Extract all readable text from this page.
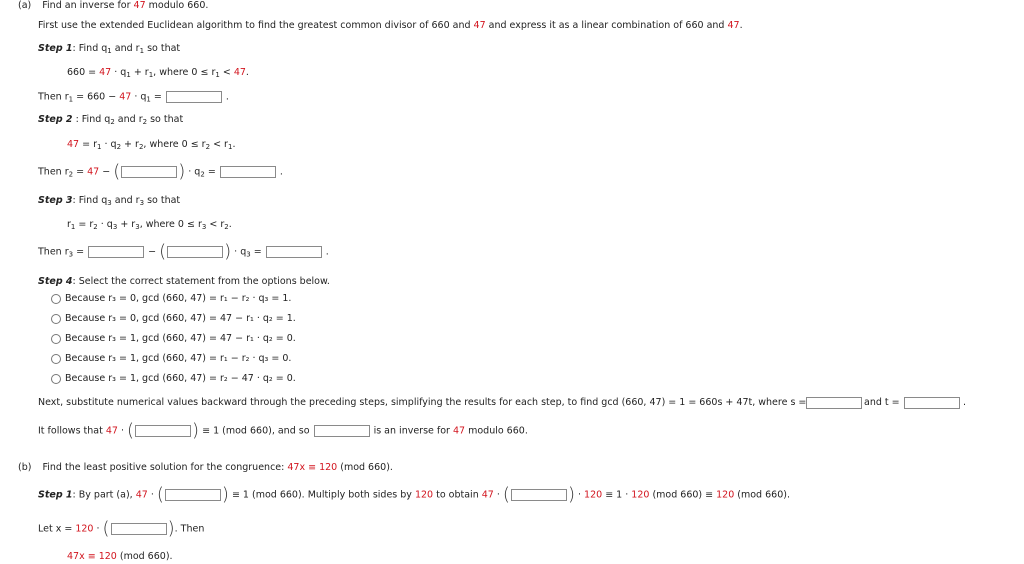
(a) Find an inverse for 47 modulo 660.
First use the extended Euclidean algorithm to find the greatest common divisor of 660 and 47 and express it as a linear combination of 660 and 47.
Step 1: Find $q_1$ and $r_1$ so that
$660 = 47 \cdot q_1 + r_1$, where $0 \le r_1 < 47$.
Then $r_1 = 660 - 47 \cdot q_1$ =	.
Step 2 : Find $q_2$ and $r_2$ so that
$47 = r_1 \cdot q_2 + r_2$, where $0 \le r_2 < r_1$.
Then $r_2 = 47$ − (	) · $q_2$ =	.
Step 3: Find $q_3$ and $r_3$ so that
$r_1 = r_2 \cdot q_3 + r_3$, where $0 \le r_3 < r_2$.
Then $r_3$ =	− (	) · $q_3$ =	.
Step 4: Select the correct statement from the options below.
Because r₃ = 0, gcd (660, 47) = r₁ − r₂ · q₃ = 1.
Because r₃ = 0, gcd (660, 47) = 47 − r₁ · q₂ = 1.
Because r₃ = 1, gcd (660, 47) = 47 − r₁ · q₂ = 0.
Because r₃ = 1, gcd (660, 47) = r₁ − r₂ · q₃ = 0.
Because r₃ = 1, gcd (660, 47) = r₂ − 47 · q₂ = 0.
Next, substitute numerical values backward through the preceding steps, simplifying the results for each step, to find gcd (660, 47) = 1 = 660s + 47t, where s =	and t =	.
It follows that 47 · (	) ≡ 1 (mod 660), and so	is an inverse for 47 modulo 660.
(b) Find the least positive solution for the congruence: 47x ≡ 120 (mod 660).
Step 1: By part (a), 47 · (	) ≡ 1 (mod 660). Multiply both sides by 120 to obtain 47 · (	) · 120 ≡ 1 · 120 (mod 660) ≡ 120 (mod 660).
Let x = 120 · (	). Then
47x ≡ 120 (mod 660).
